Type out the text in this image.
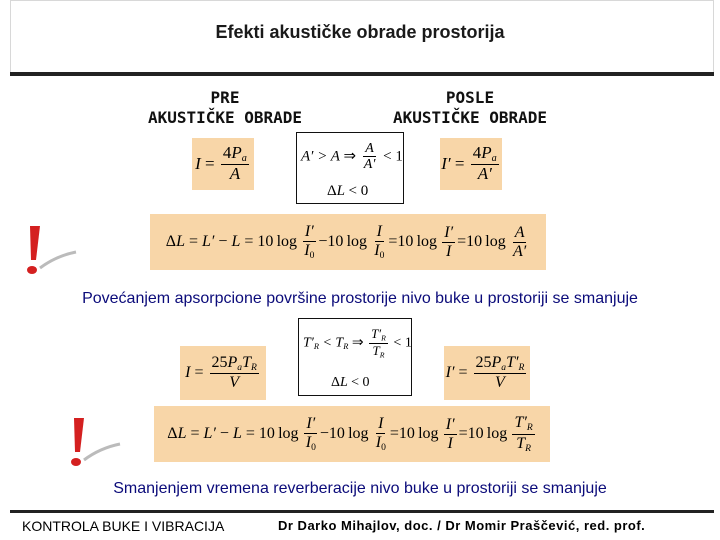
Efekti akustičke obrade prostorija
PRE
AKUSTIČKE OBRADE
POSLE
AKUSTIČKE OBRADE
$I = \frac{4P_a}{A}$	A′ > A ⇒ $\frac{A}{A'} < 1$
ΔL < 0
$I' = \frac{4P_a}{A'}$
Δ L = L′ − L = 10 $\log \frac{I'}{I_0} -10$ $\log \frac{I}{I_0} =10$ $\log \frac{I'}{I} =10$ $\log \frac{A}{A'}$
Povećanjem apsorpcione površine prostorije nivo buke u prostoriji se smanjuje
$T'_R < T_R$ ⇒ $\frac{T'_R}{T_R} < 1$
ΔL < 0
$I = \frac{25P_aT_R}{V}$	$I' = \frac{25P_aT'_R}{V}$
Δ L = L′ − L = 10 $\log \frac{I'}{I_0} -10$ $\log \frac{I}{I_0} =10$ $\log \frac{I'}{I} =10$ $\log \frac{T'_R}{T_R}$
Smanjenjem vremena reverberacije nivo buke u prostoriji se smanjuje
KONTROLA BUKE I VIBRACIJA	Dr Darko Mihajlov, doc. / Dr Momir Praščević, red. prof.
